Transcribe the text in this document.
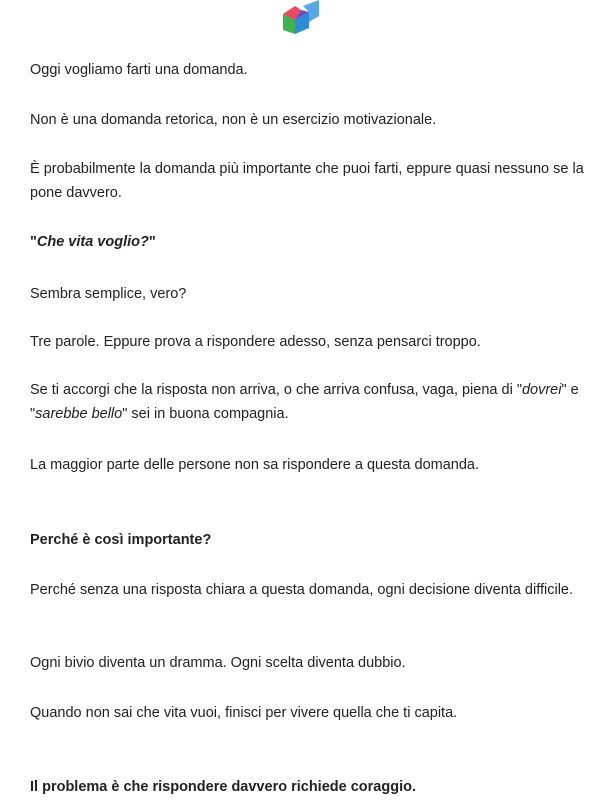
Oggi vogliamo farti una domanda.

Non è una domanda retorica, non è un esercizio motivazionale.

È probabilmente la domanda più importante che puoi farti, eppure quasi nessuno se la pone davvero.

"Che vita voglio?"

Sembra semplice, vero?

Tre parole. Eppure prova a rispondere adesso, senza pensarci troppo.

Se ti accorgi che la risposta non arriva, o che arriva confusa, vaga, piena di "dovrei" e "sarebbe bello" sei in buona compagnia.

La maggior parte delle persone non sa rispondere a questa domanda.

Perché è così importante?

Perché senza una risposta chiara a questa domanda, ogni decisione diventa difficile.

Ogni bivio diventa un dramma. Ogni scelta diventa dubbio.

Quando non sai che vita vuoi, finisci per vivere quella che ti capita.

Il problema è che rispondere davvero richiede coraggio.
